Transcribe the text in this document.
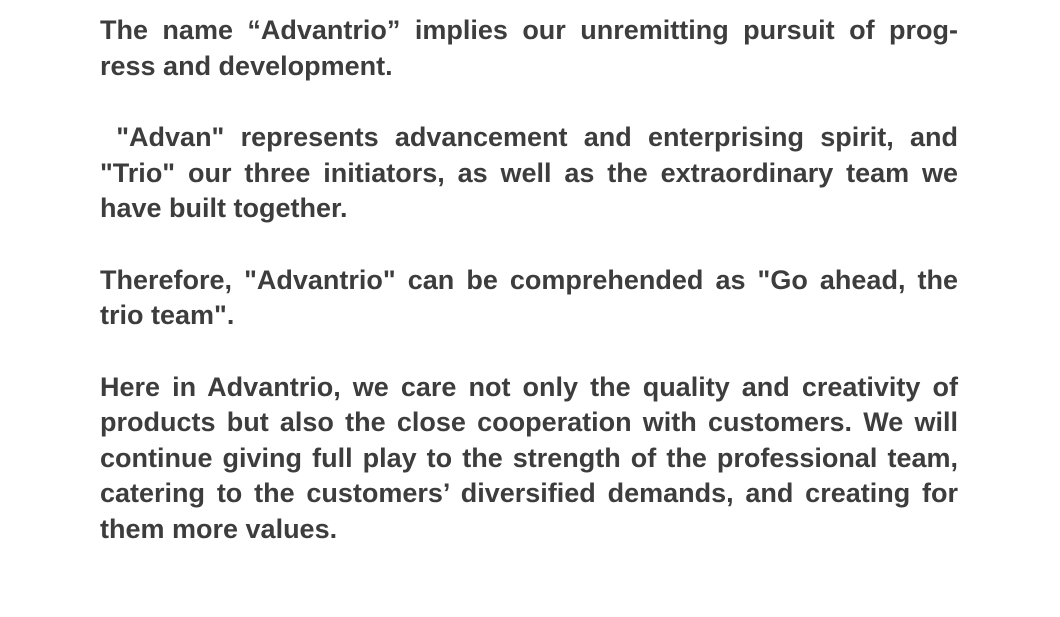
The name “Advantrio” implies our unremitting pursuit of prog-
ress and development.
"Advan" represents advancement and enterprising spirit, and
"Trio" our three initiators, as well as the extraordinary team we
have built together.
Therefore, "Advantrio" can be comprehended as "Go ahead, the
trio team".
Here in Advantrio, we care not only the quality and creativity of
products but also the close cooperation with customers. We will
continue giving full play to the strength of the professional team,
catering to the customers’ diversified demands, and creating for
them more values.
